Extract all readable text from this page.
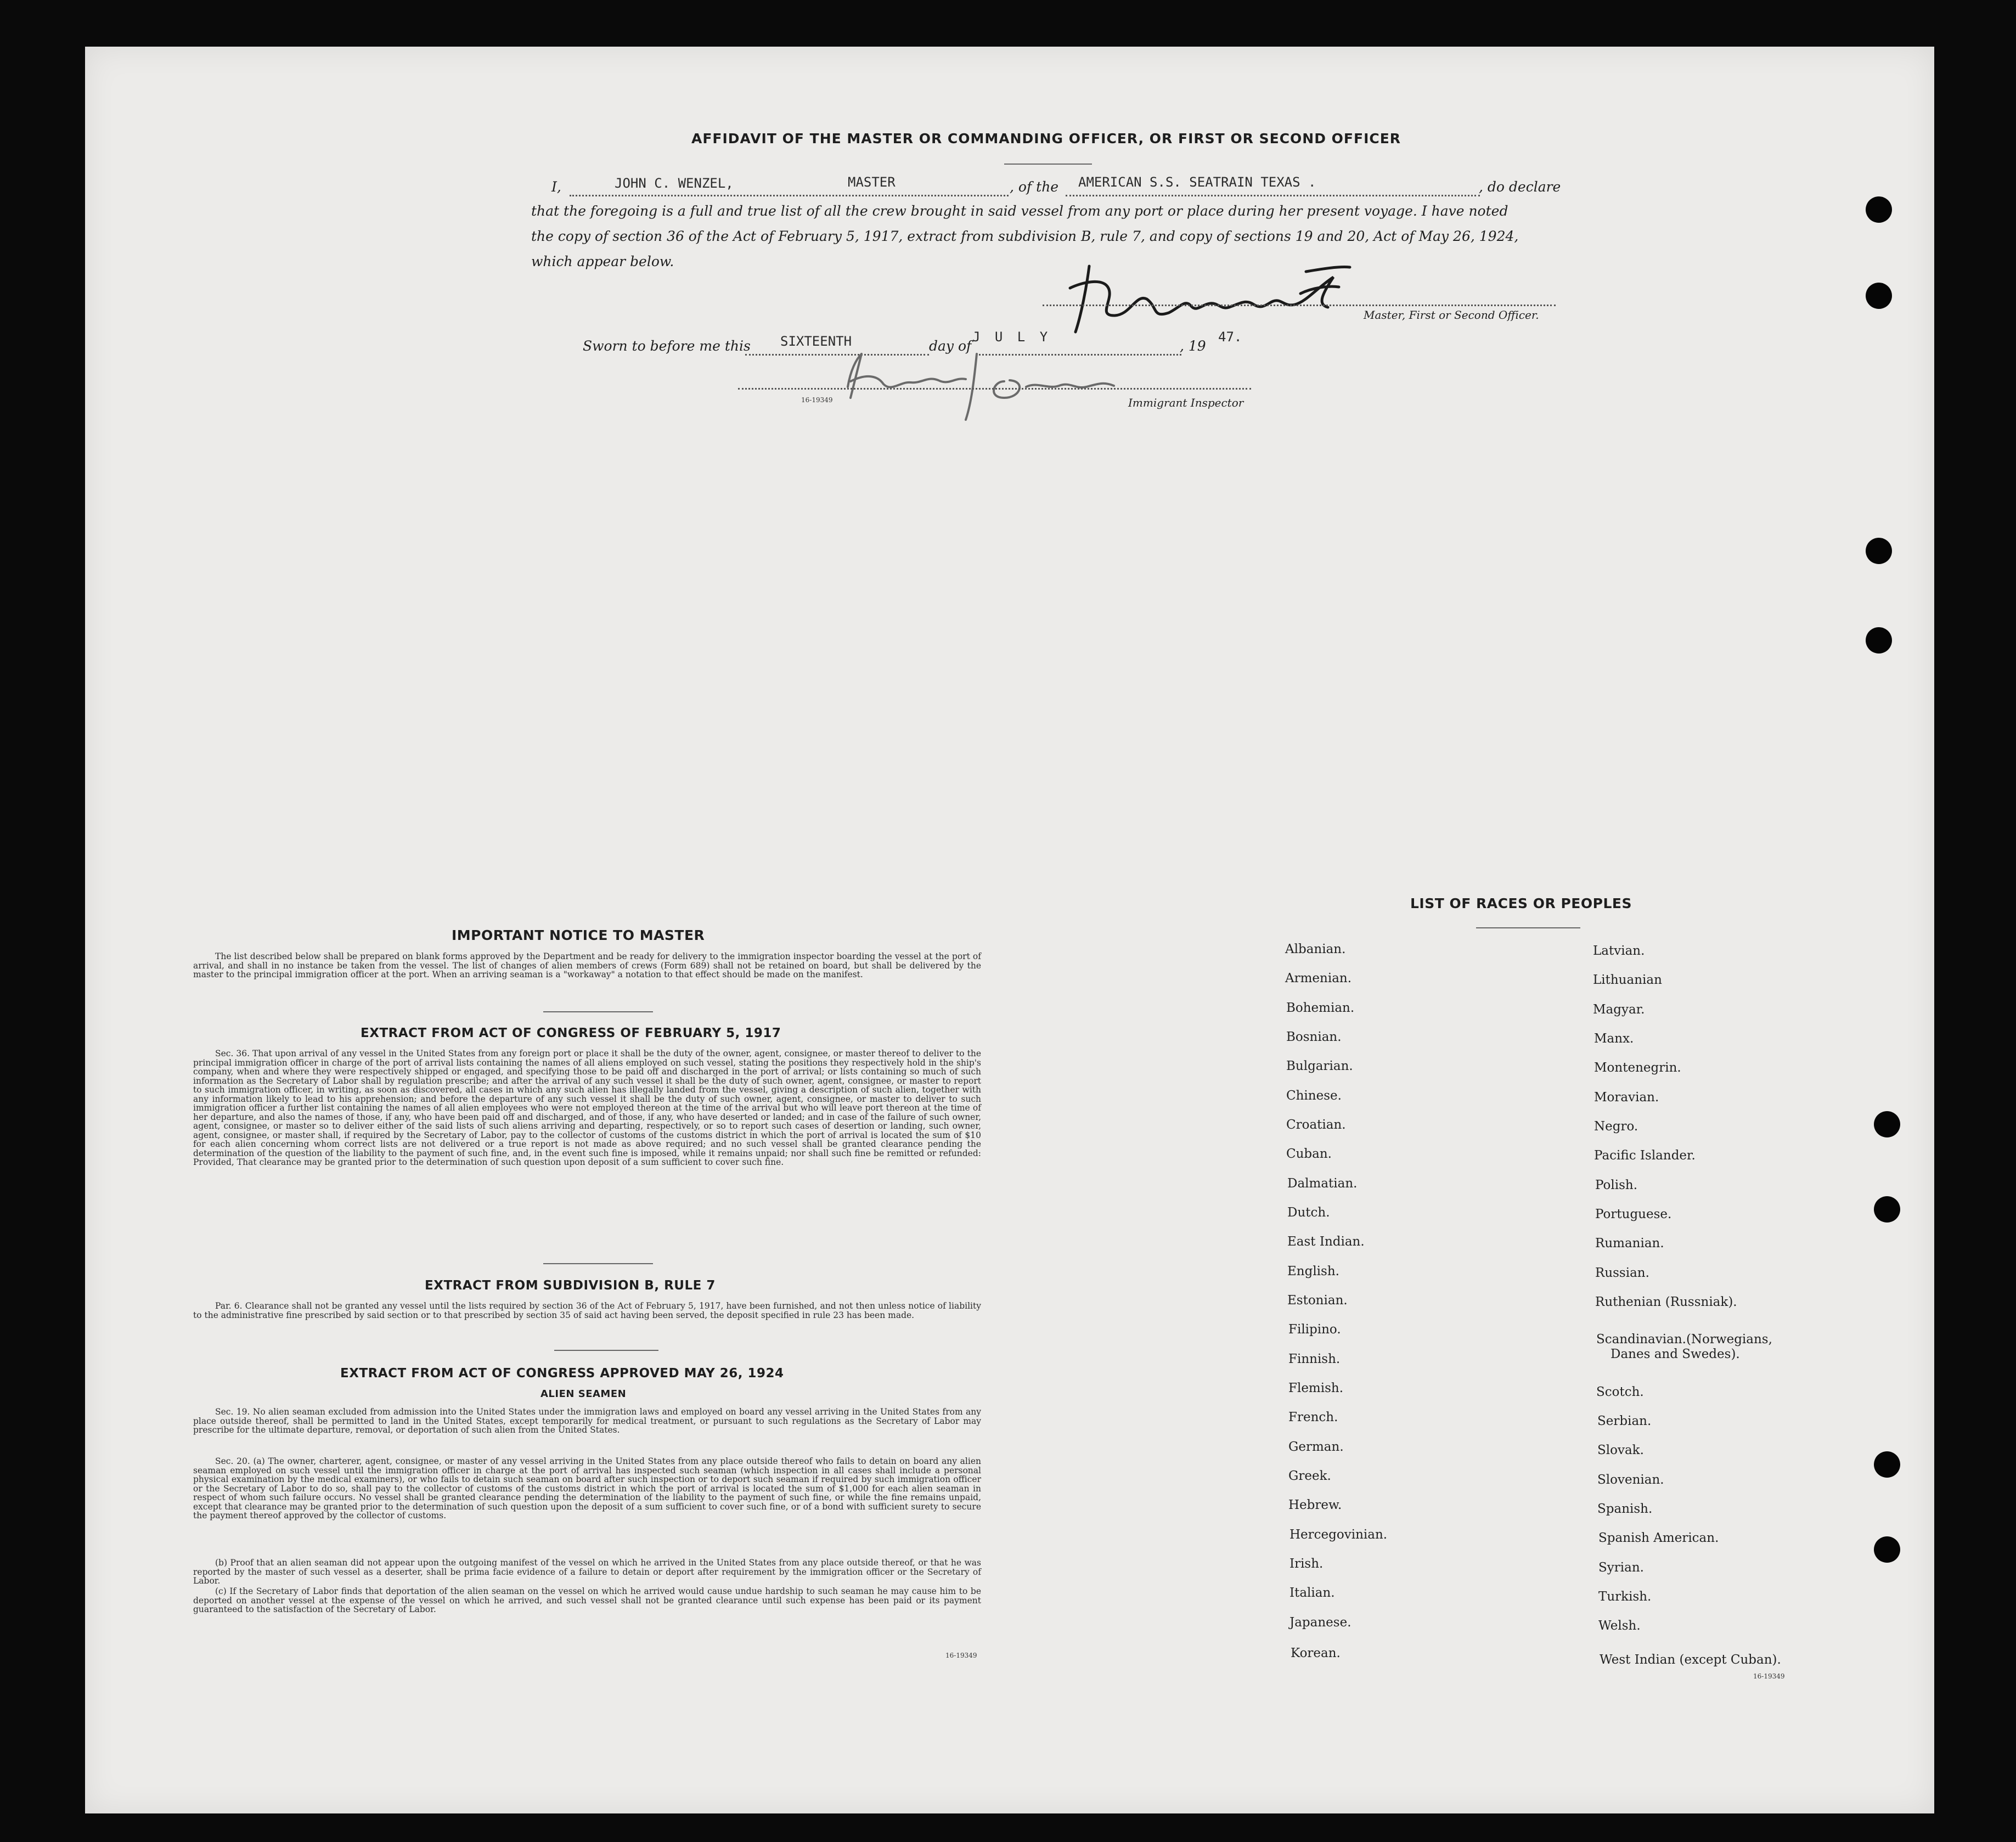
AFFIDAVIT OF THE MASTER OR COMMANDING OFFICER, OR FIRST OR SECOND OFFICER
I,	JOHN C. WENZEL,	MASTER	, of the AMERICAN S.S. SEATRAIN TEXAS .	, do declare
that the foregoing is a full and true list of all the crew brought in said vessel from any port or place during her present voyage. I have noted
the copy of section 36 of the Act of February 5, 1917, extract from subdivision B, rule 7, and copy of sections 19 and 20, Act of May 26, 1924,
which appear below.
Master, First or Second Officer.
Sworn to before me this SIXTEENTH	day of
J U L Y
, 19
47.
16-19349	Immigrant Inspector
IMPORTANT NOTICE TO MASTER
The list described below shall be prepared on blank forms approved by the Department and be ready for delivery to the immigration inspector boarding the vessel at the port of arrival, and shall in no instance be taken from the vessel. The list of changes of alien members of crews (Form 689) shall not be retained on board, but shall be delivered by the master to the principal immigration officer at the port. When an arriving seaman is a "workaway" a notation to that effect should be made on the manifest.
EXTRACT FROM ACT OF CONGRESS OF FEBRUARY 5, 1917
Sec. 36. That upon arrival of any vessel in the United States from any foreign port or place it shall be the duty of the owner, agent, consignee, or master thereof to deliver to the principal immigration officer in charge of the port of arrival lists containing the names of all aliens employed on such vessel, stating the positions they respectively hold in the ship's company, when and where they were respectively shipped or engaged, and specifying those to be paid off and discharged in the port of arrival; or lists containing so much of such information as the Secretary of Labor shall by regulation prescribe; and after the arrival of any such vessel it shall be the duty of such owner, agent, consignee, or master to report to such immigration officer, in writing, as soon as discovered, all cases in which any such alien has illegally landed from the vessel, giving a description of such alien, together with any information likely to lead to his apprehension; and before the departure of any such vessel it shall be the duty of such owner, agent, consignee, or master to deliver to such immigration officer a further list containing the names of all alien employees who were not employed thereon at the time of the arrival but who will leave port thereon at the time of her departure, and also the names of those, if any, who have been paid off and discharged, and of those, if any, who have deserted or landed; and in case of the failure of such owner, agent, consignee, or master so to deliver either of the said lists of such aliens arriving and departing, respectively, or so to report such cases of desertion or landing, such owner, agent, consignee, or master shall, if required by the Secretary of Labor, pay to the collector of customs of the customs district in which the port of arrival is located the sum of $10 for each alien concerning whom correct lists are not delivered or a true report is not made as above required; and no such vessel shall be granted clearance pending the determination of the question of the liability to the payment of such fine, and, in the event such fine is imposed, while it remains unpaid; nor shall such fine be remitted or refunded: Provided, That clearance may be granted prior to the determination of such question upon deposit of a sum sufficient to cover such fine.
EXTRACT FROM SUBDIVISION B, RULE 7
Par. 6. Clearance shall not be granted any vessel until the lists required by section 36 of the Act of February 5, 1917, have been furnished, and not then unless notice of liability to the administrative fine prescribed by said section or to that prescribed by section 35 of said act having been served, the deposit specified in rule 23 has been made.
EXTRACT FROM ACT OF CONGRESS APPROVED MAY 26, 1924
ALIEN SEAMEN
Sec. 19. No alien seaman excluded from admission into the United States under the immigration laws and employed on board any vessel arriving in the United States from any place outside thereof, shall be permitted to land in the United States, except temporarily for medical treatment, or pursuant to such regulations as the Secretary of Labor may prescribe for the ultimate departure, removal, or deportation of such alien from the United States.
Sec. 20. (a) The owner, charterer, agent, consignee, or master of any vessel arriving in the United States from any place outside thereof who fails to detain on board any alien seaman employed on such vessel until the immigration officer in charge at the port of arrival has inspected such seaman (which inspection in all cases shall include a personal physical examination by the medical examiners), or who fails to detain such seaman on board after such inspection or to deport such seaman if required by such immigration officer or the Secretary of Labor to do so, shall pay to the collector of customs of the customs district in which the port of arrival is located the sum of $1,000 for each alien seaman in respect of whom such failure occurs. No vessel shall be granted clearance pending the determination of the liability to the payment of such fine, or while the fine remains unpaid, except that clearance may be granted prior to the determination of such question upon the deposit of a sum sufficient to cover such fine, or of a bond with sufficient surety to secure the payment thereof approved by the collector of customs.
(b) Proof that an alien seaman did not appear upon the outgoing manifest of the vessel on which he arrived in the United States from any place outside thereof, or that he was reported by the master of such vessel as a deserter, shall be prima facie evidence of a failure to detain or deport after requirement by the immigration officer or the Secretary of Labor.
(c) If the Secretary of Labor finds that deportation of the alien seaman on the vessel on which he arrived would cause undue hardship to such seaman he may cause him to be deported on another vessel at the expense of the vessel on which he arrived, and such vessel shall not be granted clearance until such expense has been paid or its payment guaranteed to the satisfaction of the Secretary of Labor.
16-19349
LIST OF RACES OR PEOPLES
Albanian.
Armenian.
Bohemian.
Bosnian.
Bulgarian.
Chinese.
Croatian.
Cuban.
Dalmatian.
Dutch.
East Indian.
English.
Estonian.
Filipino.
Finnish.
Flemish.
French.
German.
Greek.
Hebrew.
Hercegovinian.
Irish.
Italian.
Japanese.
Korean.
Latvian.
Lithuanian
Magyar.
Manx.
Montenegrin.
Moravian.
Negro.
Pacific Islander.
Polish.
Portuguese.
Rumanian.
Russian.
Ruthenian (Russniak).
Scandinavian.(Norwegians,
Danes and Swedes).
Scotch.
Serbian.
Slovak.
Slovenian.
Spanish.
Spanish American.
Syrian.
Turkish.
Welsh.
West Indian (except Cuban).
16-19349
